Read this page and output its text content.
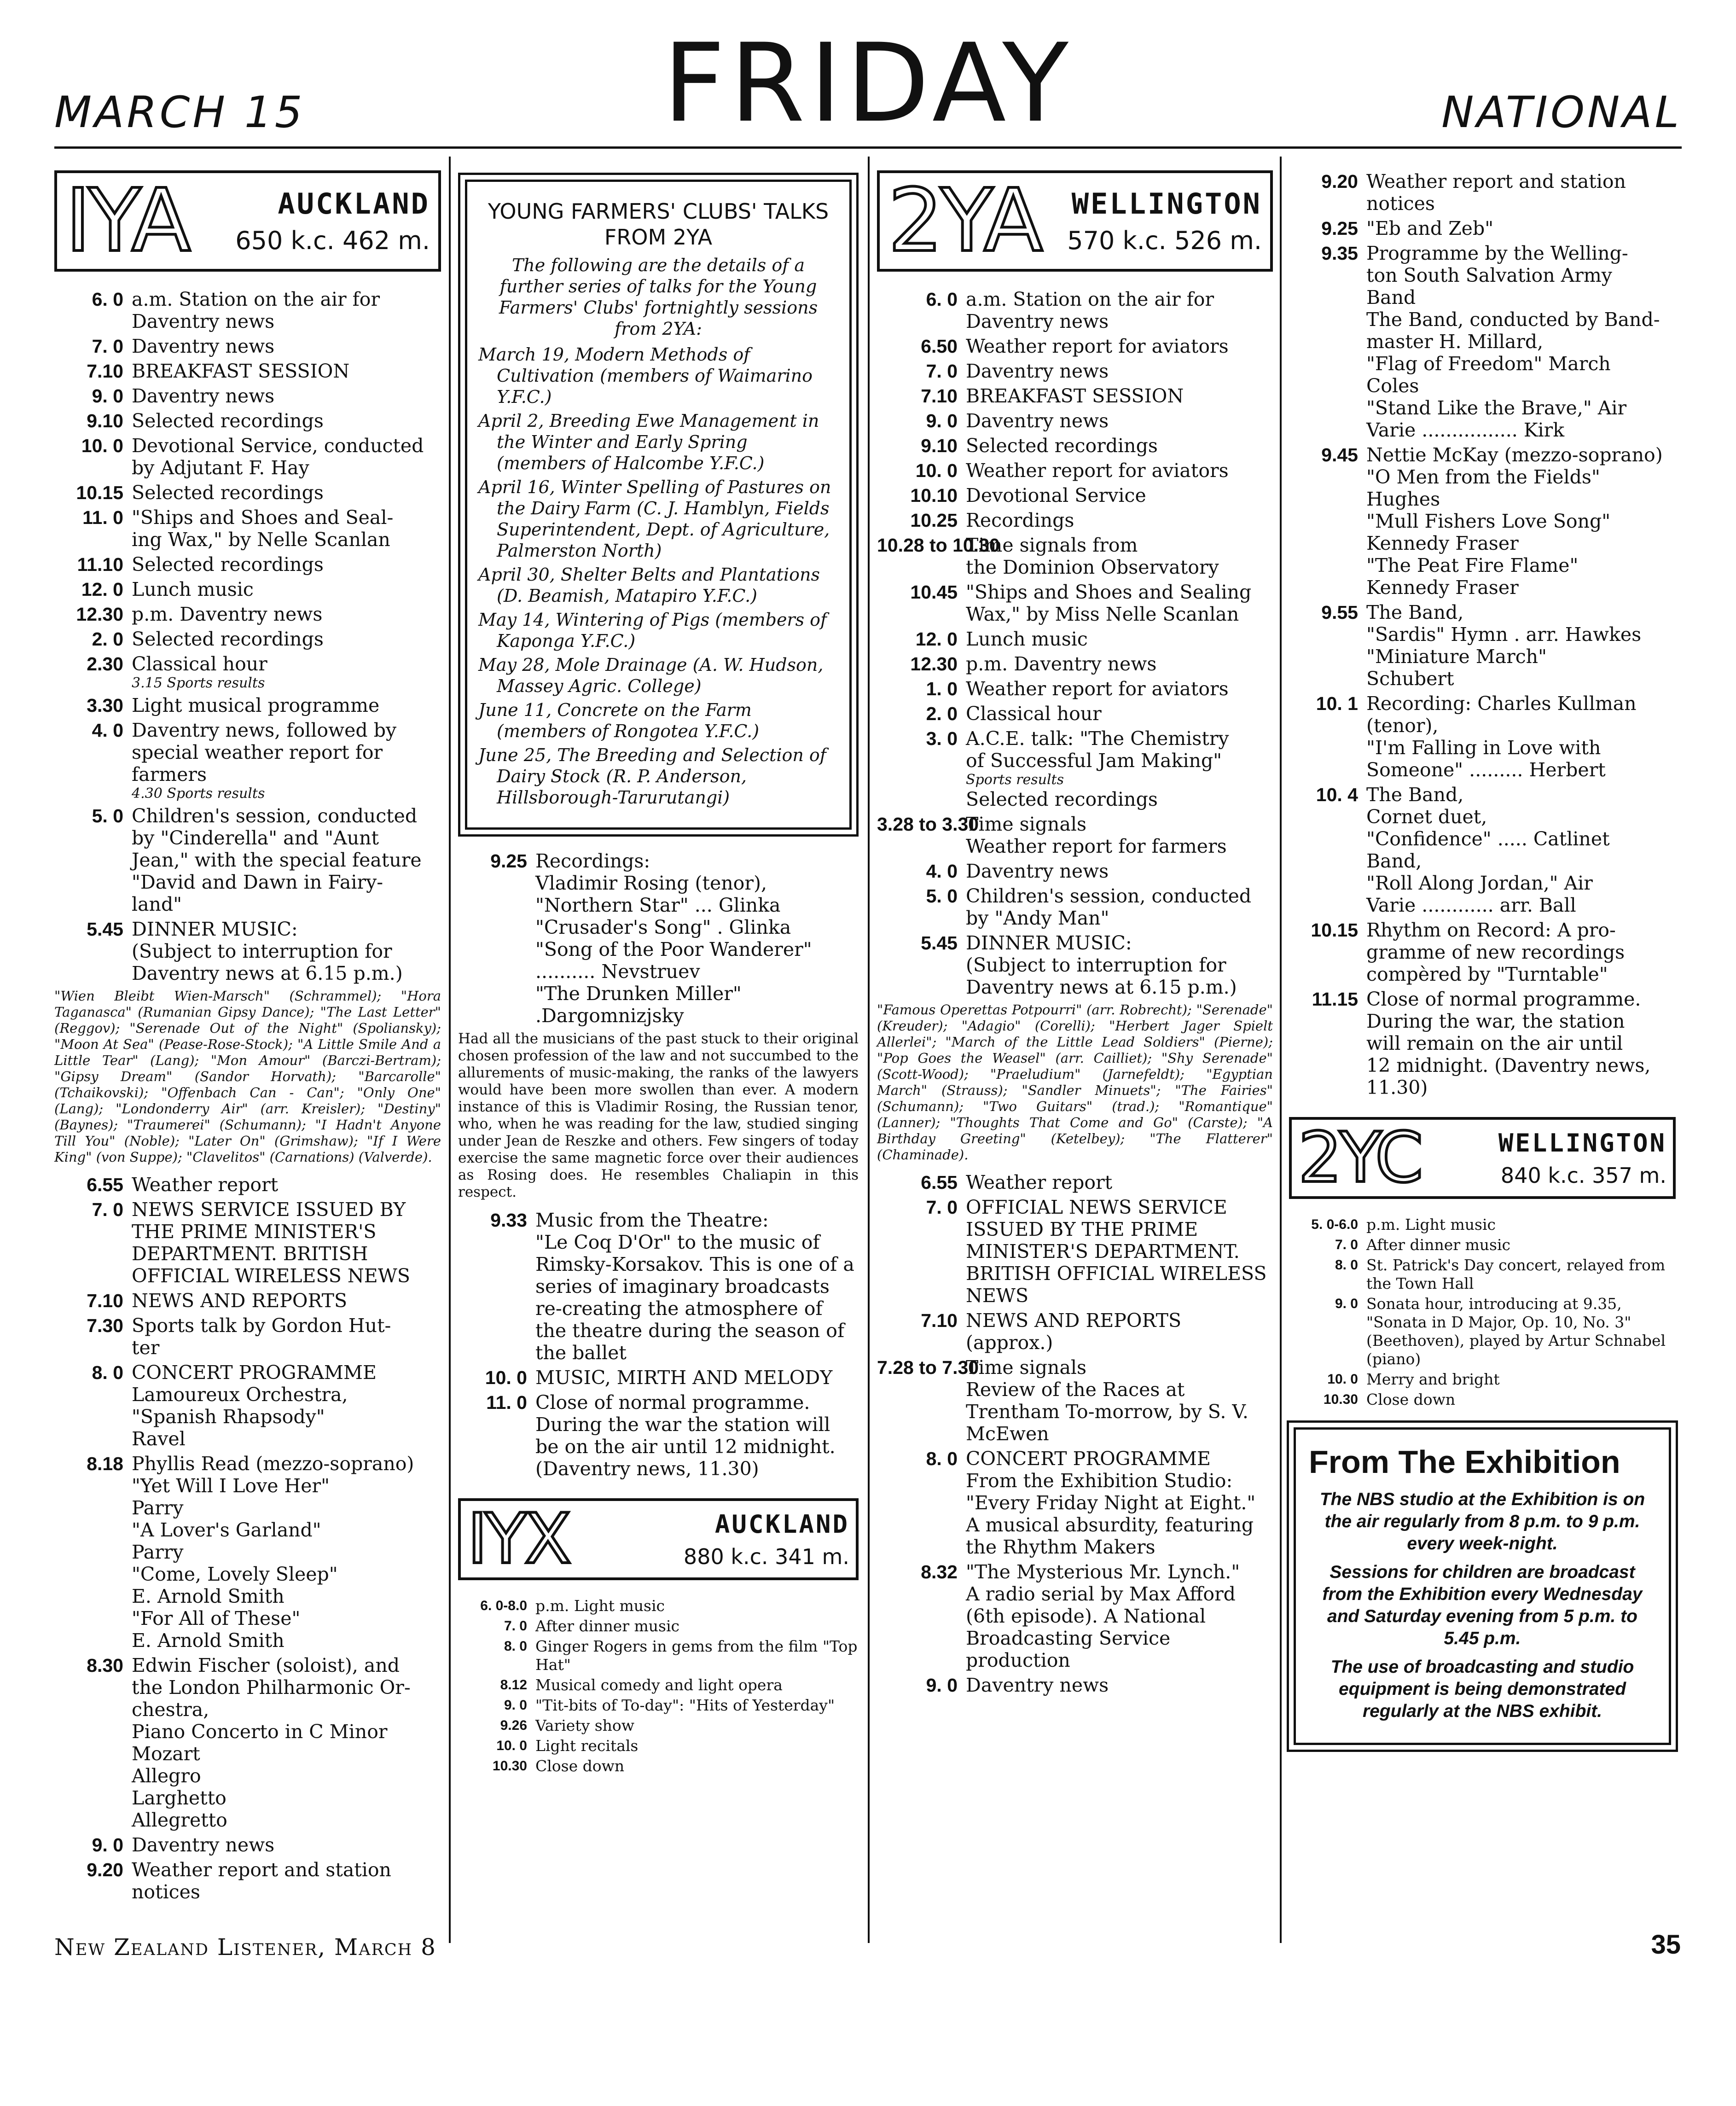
MARCH 15	FRIDAY	NATIONAL
IYA	AUCKLAND
650 k.c. 462 m.
6. 0 a.m. Station on the air for
Daventry news
7. 0 Daventry news
7.10 BREAKFAST SESSION
9. 0 Daventry news
9.10 Selected recordings
10. 0 Devotional Service, conducted
by Adjutant F. Hay
10.15 Selected recordings
11. 0 "Ships and Shoes and Seal-
ing Wax," by Nelle Scanlan
11.10 Selected recordings
12. 0 Lunch music
12.30 p.m. Daventry news
2. 0 Selected recordings
2.30 Classical hour
3.15 Sports results
3.30 Light musical programme
4. 0 Daventry news, followed by
special weather report for
farmers
4.30 Sports results
5. 0 Children's session, conducted
by "Cinderella" and "Aunt
Jean," with the special feature
"David and Dawn in Fairy-
land"
5.45 DINNER MUSIC:
(Subject to interruption for
Daventry news at 6.15 p.m.)
"Wien Bleibt Wien-Marsch" (Schrammel); "Hora Taganasca" (Rumanian Gipsy Dance); "The Last Letter" (Reggov); "Serenade Out of the Night" (Spoliansky); "Moon At Sea" (Pease-Rose-Stock); "A Little Smile And a Little Tear" (Lang); "Mon Amour" (Barczi-Bertram); "Gipsy Dream" (Sandor Horvath); "Barcarolle" (Tchaikovski); "Offenbach Can - Can"; "Only One" (Lang); "Londonderry Air" (arr. Kreisler); "Destiny" (Baynes); "Traumerei" (Schumann); "I Hadn't Anyone Till You" (Noble); "Later On" (Grimshaw); "If I Were King" (von Suppe); "Clavelitos" (Carnations) (Valverde).
6.55 Weather report
7. 0 NEWS SERVICE ISSUED BY THE PRIME MINISTER'S DEPARTMENT. BRITISH OFFICIAL WIRELESS NEWS
7.10 NEWS AND REPORTS
7.30 Sports talk by Gordon Hut-
ter
8. 0 CONCERT PROGRAMME
Lamoureux Orchestra,
"Spanish Rhapsody"
Ravel
8.18 Phyllis Read (mezzo-soprano)
"Yet Will I Love Her"
Parry
"A Lover's Garland"
Parry
"Come, Lovely Sleep"
E. Arnold Smith
"For All of These"
E. Arnold Smith
8.30 Edwin Fischer (soloist), and
the London Philharmonic Or-
chestra,
Piano Concerto in C Minor
Mozart
Allegro
Larghetto
Allegretto
9. 0 Daventry news
9.20 Weather report and station
notices
YOUNG FARMERS' CLUBS' TALKS FROM 2YA
The following are the details of a further series of talks for the Young Farmers' Clubs' fortnightly sessions from 2YA:
March 19, Modern Methods of Cultivation (members of Waimarino Y.F.C.)
April 2, Breeding Ewe Management in the Winter and Early Spring (members of Halcombe Y.F.C.)
April 16, Winter Spelling of Pastures on the Dairy Farm (C. J. Hamblyn, Fields Superintendent, Dept. of Agriculture, Palmerston North)
April 30, Shelter Belts and Plantations (D. Beamish, Matapiro Y.F.C.)
May 14, Wintering of Pigs (members of Kaponga Y.F.C.)
May 28, Mole Drainage (A. W. Hudson, Massey Agric. College)
June 11, Concrete on the Farm (members of Rongotea Y.F.C.)
June 25, The Breeding and Selection of Dairy Stock (R. P. Anderson, Hillsborough-Tarurutangi)
9.25 Recordings:
Vladimir Rosing (tenor),
"Northern Star" ... Glinka
"Crusader's Song" . Glinka
"Song of the Poor Wanderer" .......... Nevstruev
"The Drunken Miller"
.Dargomnizjsky
Had all the musicians of the past stuck to their original chosen profession of the law and not succumbed to the allurements of music-making, the ranks of the lawyers would have been more swollen than ever. A modern instance of this is Vladimir Rosing, the Russian tenor, who, when he was reading for the law, studied singing under Jean de Reszke and others. Few singers of today exercise the same magnetic force over their audiences as Rosing does. He resembles Chaliapin in this respect.
9.33 Music from the Theatre:
"Le Coq D'Or" to the music of Rimsky-Korsakov. This is one of a series of imaginary broadcasts re-creating the atmosphere of the theatre during the season of the ballet
10. 0 MUSIC, MIRTH AND MELODY
11. 0 Close of normal programme. During the war the station will be on the air until 12 midnight. (Daventry news, 11.30)
IYX	AUCKLAND
880 k.c. 341 m.
6. 0-8.0 p.m. Light music
7. 0 After dinner music
8. 0 Ginger Rogers in gems from the film "Top Hat"
8.12 Musical comedy and light opera
9. 0 "Tit-bits of To-day": "Hits of Yesterday"
9.26 Variety show
10. 0 Light recitals
10.30 Close down
2YA	WELLINGTON
570 k.c. 526 m.
6. 0 a.m. Station on the air for
Daventry news
6.50 Weather report for aviators
7. 0 Daventry news
7.10 BREAKFAST SESSION
9. 0 Daventry news
9.10 Selected recordings
10. 0 Weather report for aviators
10.10 Devotional Service
10.25 Recordings
10.28 to 10.30
Time signals from
the Dominion Observatory
10.45 "Ships and Shoes and Sealing
Wax," by Miss Nelle Scanlan
12. 0 Lunch music
12.30 p.m. Daventry news
1. 0 Weather report for aviators
2. 0 Classical hour
3. 0 A.C.E. talk: "The Chemistry
of Successful Jam Making"
Sports results
Selected recordings
3.28 to 3.30
Time signals
Weather report for farmers
4. 0 Daventry news
5. 0 Children's session, conducted
by "Andy Man"
5.45 DINNER MUSIC:
(Subject to interruption for
Daventry news at 6.15 p.m.)
"Famous Operettas Potpourri" (arr. Robrecht); "Serenade" (Kreuder); "Adagio" (Corelli); "Herbert Jager Spielt Allerlei"; "March of the Little Lead Soldiers" (Pierne); "Pop Goes the Weasel" (arr. Cailliet); "Shy Serenade" (Scott-Wood); "Praeludium" (Jarnefeldt); "Egyptian March" (Strauss); "Sandler Minuets"; "The Fairies" (Schumann); "Two Guitars" (trad.); "Romantique" (Lanner); "Thoughts That Come and Go" (Carste); "A Birthday Greeting" (Ketelbey); "The Flatterer" (Chaminade).
6.55 Weather report
7. 0 OFFICIAL NEWS SERVICE ISSUED BY THE PRIME MINISTER'S DEPARTMENT. BRITISH OFFICIAL WIRELESS NEWS
7.10 NEWS AND REPORTS
(approx.)
7.28 to 7.30
Time signals
Review of the Races at Trentham To-morrow, by S. V. McEwen
8. 0 CONCERT PROGRAMME
From the Exhibition Studio: "Every Friday Night at Eight." A musical absurdity, featuring the Rhythm Makers
8.32 "The Mysterious Mr. Lynch."
A radio serial by Max Afford (6th episode). A National Broadcasting Service production
9. 0 Daventry news
9.20 Weather report and station
notices
9.25 "Eb and Zeb"
9.35 Programme by the Welling-
ton South Salvation Army
Band
The Band, conducted by Band-
master H. Millard,
"Flag of Freedom" March
Coles
"Stand Like the Brave," Air
Varie ................ Kirk
9.45 Nettie McKay (mezzo-soprano)
"O Men from the Fields"
Hughes
"Mull Fishers Love Song"
Kennedy Fraser
"The Peat Fire Flame"
Kennedy Fraser
9.55 The Band,
"Sardis" Hymn . arr. Hawkes
"Miniature March"
Schubert
10. 1 Recording: Charles Kullman
(tenor),
"I'm Falling in Love with
Someone" ......... Herbert
10. 4 The Band,
Cornet duet,
"Confidence" ..... Catlinet
Band,
"Roll Along Jordan," Air
Varie ............ arr. Ball
10.15 Rhythm on Record: A pro-
gramme of new recordings
compèred by "Turntable"
11.15 Close of normal programme.
During the war, the station
will remain on the air until
12 midnight. (Daventry news,
11.30)
2YC	WELLINGTON
840 k.c. 357 m.
5. 0-6.0 p.m. Light music
7. 0 After dinner music
8. 0 St. Patrick's Day concert, relayed from the Town Hall
9. 0 Sonata hour, introducing at 9.35, "Sonata in D Major, Op. 10, No. 3" (Beethoven), played by Artur Schnabel (piano)
10. 0 Merry and bright
10.30 Close down
From The Exhibition

The NBS studio at the Exhibition is on the air regularly from 8 p.m. to 9 p.m. every week-night.

Sessions for children are broadcast from the Exhibition every Wednesday and Saturday evening from 5 p.m. to 5.45 p.m.

The use of broadcasting and studio equipment is being demonstrated regularly at the NBS exhibit.

New Zealand Listener, March 8	35
